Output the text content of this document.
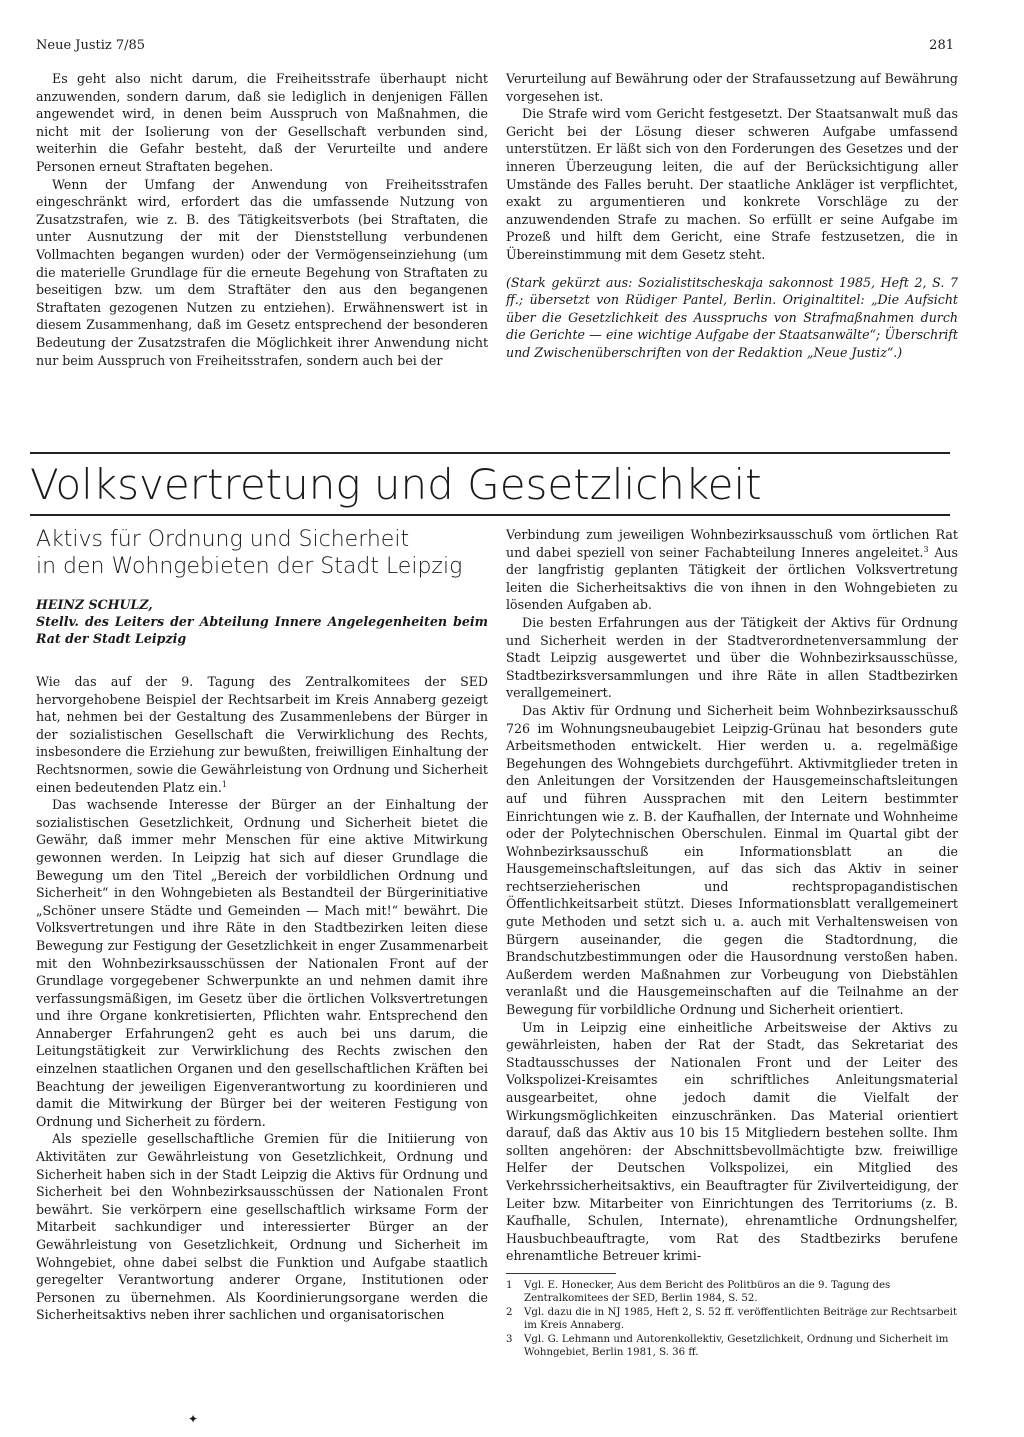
Neue Justiz 7/85	281

Es geht also nicht darum, die Freiheitsstrafe überhaupt nicht anzuwenden, sondern darum, daß sie lediglich in denjenigen Fällen angewendet wird, in denen beim Ausspruch von Maßnahmen, die nicht mit der Isolierung von der Gesellschaft verbunden sind, weiterhin die Gefahr besteht, daß der Verurteilte und andere Personen erneut Straftaten begehen.

Wenn der Umfang der Anwendung von Freiheitsstrafen eingeschränkt wird, erfordert das die umfassende Nutzung von Zusatzstrafen, wie z. B. des Tätigkeitsverbots (bei Straftaten, die unter Ausnutzung der mit der Dienststellung verbundenen Vollmachten begangen wurden) oder der Vermögenseinziehung (um die materielle Grundlage für die erneute Begehung von Straftaten zu beseitigen bzw. um dem Straftäter den aus den begangenen Straftaten gezogenen Nutzen zu entziehen). Erwähnenswert ist in diesem Zusammenhang, daß im Gesetz entsprechend der besonderen Bedeutung der Zusatzstrafen die Möglichkeit ihrer Anwendung nicht nur beim Ausspruch von Freiheitsstrafen, sondern auch bei der

Verurteilung auf Bewährung oder der Strafaussetzung auf Bewährung vorgesehen ist.

Die Strafe wird vom Gericht festgesetzt. Der Staatsanwalt muß das Gericht bei der Lösung dieser schweren Aufgabe umfassend unterstützen. Er läßt sich von den Forderungen des Gesetzes und der inneren Überzeugung leiten, die auf der Berücksichtigung aller Umstände des Falles beruht. Der staatliche Ankläger ist verpflichtet, exakt zu argumentieren und konkrete Vorschläge zu der anzuwendenden Strafe zu machen. So erfüllt er seine Aufgabe im Prozeß und hilft dem Gericht, eine Strafe festzusetzen, die in Übereinstimmung mit dem Gesetz steht.

(Stark gekürzt aus: Sozialistitscheskaja sakonnost 1985, Heft 2, S. 7 ff.; übersetzt von Rüdiger Pantel, Berlin. Originaltitel: „Die Aufsicht über die Gesetzlichkeit des Ausspruchs von Strafmaßnahmen durch die Gerichte — eine wichtige Aufgabe der Staatsanwälte“; Überschrift und Zwischenüberschriften von der Redaktion „Neue Justiz“.)
Volksvertretung und Gesetzlichkeit
Aktivs für Ordnung und Sicherheit
in den Wohngebieten der Stadt Leipzig
HEINZ SCHULZ,
Stellv. des Leiters der Abteilung Innere Angelegenheiten beim Rat der Stadt Leipzig

Wie das auf der 9. Tagung des Zentralkomitees der SED hervorgehobene Beispiel der Rechtsarbeit im Kreis Annaberg gezeigt hat, nehmen bei der Gestaltung des Zusammenlebens der Bürger in der sozialistischen Gesellschaft die Verwirklichung des Rechts, insbesondere die Erziehung zur bewußten, freiwilligen Einhaltung der Rechtsnormen, sowie die Gewährleistung von Ordnung und Sicherheit einen bedeutenden Platz ein.$^1$

Das wachsende Interesse der Bürger an der Einhaltung der sozialistischen Gesetzlichkeit, Ordnung und Sicherheit bietet die Gewähr, daß immer mehr Menschen für eine aktive Mitwirkung gewonnen werden. In Leipzig hat sich auf dieser Grundlage die Bewegung um den Titel „Bereich der vorbildlichen Ordnung und Sicherheit“ in den Wohngebieten als Bestandteil der Bürgerinitiative „Schöner unsere Städte und Gemeinden — Mach mit!“ bewährt. Die Volksvertretungen und ihre Räte in den Stadtbezirken leiten diese Bewegung zur Festigung der Gesetzlichkeit in enger Zusammenarbeit mit den Wohnbezirksausschüssen der Nationalen Front auf der Grundlage vorgegebener Schwerpunkte an und nehmen damit ihre verfassungsmäßigen, im Gesetz über die örtlichen Volksvertretungen und ihre Organe konkretisierten, Pflichten wahr. Entsprechend den Annaberger Erfahrungen2 geht es auch bei uns darum, die Leitungstätigkeit zur Verwirklichung des Rechts zwischen den einzelnen staatlichen Organen und den gesellschaftlichen Kräften bei Beachtung der jeweiligen Eigenverantwortung zu koordinieren und damit die Mitwirkung der Bürger bei der weiteren Festigung von Ordnung und Sicherheit zu fördern.

Als spezielle gesellschaftliche Gremien für die Initiierung von Aktivitäten zur Gewährleistung von Gesetzlichkeit, Ordnung und Sicherheit haben sich in der Stadt Leipzig die Aktivs für Ordnung und Sicherheit bei den Wohnbezirksausschüssen der Nationalen Front bewährt. Sie verkörpern eine gesellschaftlich wirksame Form der Mitarbeit sachkundiger und interessierter Bürger an der Gewährleistung von Gesetzlichkeit, Ordnung und Sicherheit im Wohngebiet, ohne dabei selbst die Funktion und Aufgabe staatlich geregelter Verantwortung anderer Organe, Institutionen oder Personen zu übernehmen. Als Koordinierungsorgane werden die Sicherheitsaktivs neben ihrer sachlichen und organisatorischen

Verbindung zum jeweiligen Wohnbezirksausschuß vom örtlichen Rat und dabei speziell von seiner Fachabteilung Inneres angeleitet.$^3$ Aus der langfristig geplanten Tätigkeit der örtlichen Volksvertretung leiten die Sicherheitsaktivs die von ihnen in den Wohngebieten zu lösenden Aufgaben ab.

Die besten Erfahrungen aus der Tätigkeit der Aktivs für Ordnung und Sicherheit werden in der Stadtverordnetenversammlung der Stadt Leipzig ausgewertet und über die Wohnbezirksausschüsse, Stadtbezirksversammlungen und ihre Räte in allen Stadtbezirken verallgemeinert.

Das Aktiv für Ordnung und Sicherheit beim Wohnbezirksausschuß 726 im Wohnungsneubaugebiet Leipzig-Grünau hat besonders gute Arbeitsmethoden entwickelt. Hier werden u. a. regelmäßige Begehungen des Wohngebiets durchgeführt. Aktivmitglieder treten in den Anleitungen der Vorsitzenden der Hausgemeinschaftsleitungen auf und führen Aussprachen mit den Leitern bestimmter Einrichtungen wie z. B. der Kaufhallen, der Internate und Wohnheime oder der Polytechnischen Oberschulen. Einmal im Quartal gibt der Wohnbezirksausschuß ein Informationsblatt an die Hausgemeinschaftsleitungen, auf das sich das Aktiv in seiner rechtserzieherischen und rechtspropagandistischen Öffentlichkeitsarbeit stützt. Dieses Informationsblatt verallgemeinert gute Methoden und setzt sich u. a. auch mit Verhaltensweisen von Bürgern auseinander, die gegen die Stadtordnung, die Brandschutzbestimmungen oder die Hausordnung verstoßen haben. Außerdem werden Maßnahmen zur Vorbeugung von Diebstählen veranlaßt und die Hausgemeinschaften auf die Teilnahme an der Bewegung für vorbildliche Ordnung und Sicherheit orientiert.

Um in Leipzig eine einheitliche Arbeitsweise der Aktivs zu gewährleisten, haben der Rat der Stadt, das Sekretariat des Stadtausschusses der Nationalen Front und der Leiter des Volkspolizei-Kreisamtes ein schriftliches Anleitungsmaterial ausgearbeitet, ohne jedoch damit die Vielfalt der Wirkungsmöglichkeiten einzuschränken. Das Material orientiert darauf, daß das Aktiv aus 10 bis 15 Mitgliedern bestehen sollte. Ihm sollten angehören: der Abschnittsbevollmächtigte bzw. freiwillige Helfer der Deutschen Volkspolizei, ein Mitglied des Verkehrssicherheitsaktivs, ein Beauftragter für Zivilverteidigung, der Leiter bzw. Mitarbeiter von Einrichtungen des Territoriums (z. B. Kaufhalle, Schulen, Internate), ehrenamtliche Ordnungshelfer, Hausbuchbeauftragte, vom Rat des Stadtbezirks berufene ehrenamtliche Betreuer krimi-

1	Vgl. E. Honecker, Aus dem Bericht des Politbüros an die 9. Tagung des Zentralkomitees der SED, Berlin 1984, S. 52.
2	Vgl. dazu die in NJ 1985, Heft 2, S. 52 ff. veröffentlichten Beiträge zur Rechtsarbeit im Kreis Annaberg.
3	Vgl. G. Lehmann und Autorenkollektiv, Gesetzlichkeit, Ordnung und Sicherheit im Wohngebiet, Berlin 1981, S. 36 ff.
✦
